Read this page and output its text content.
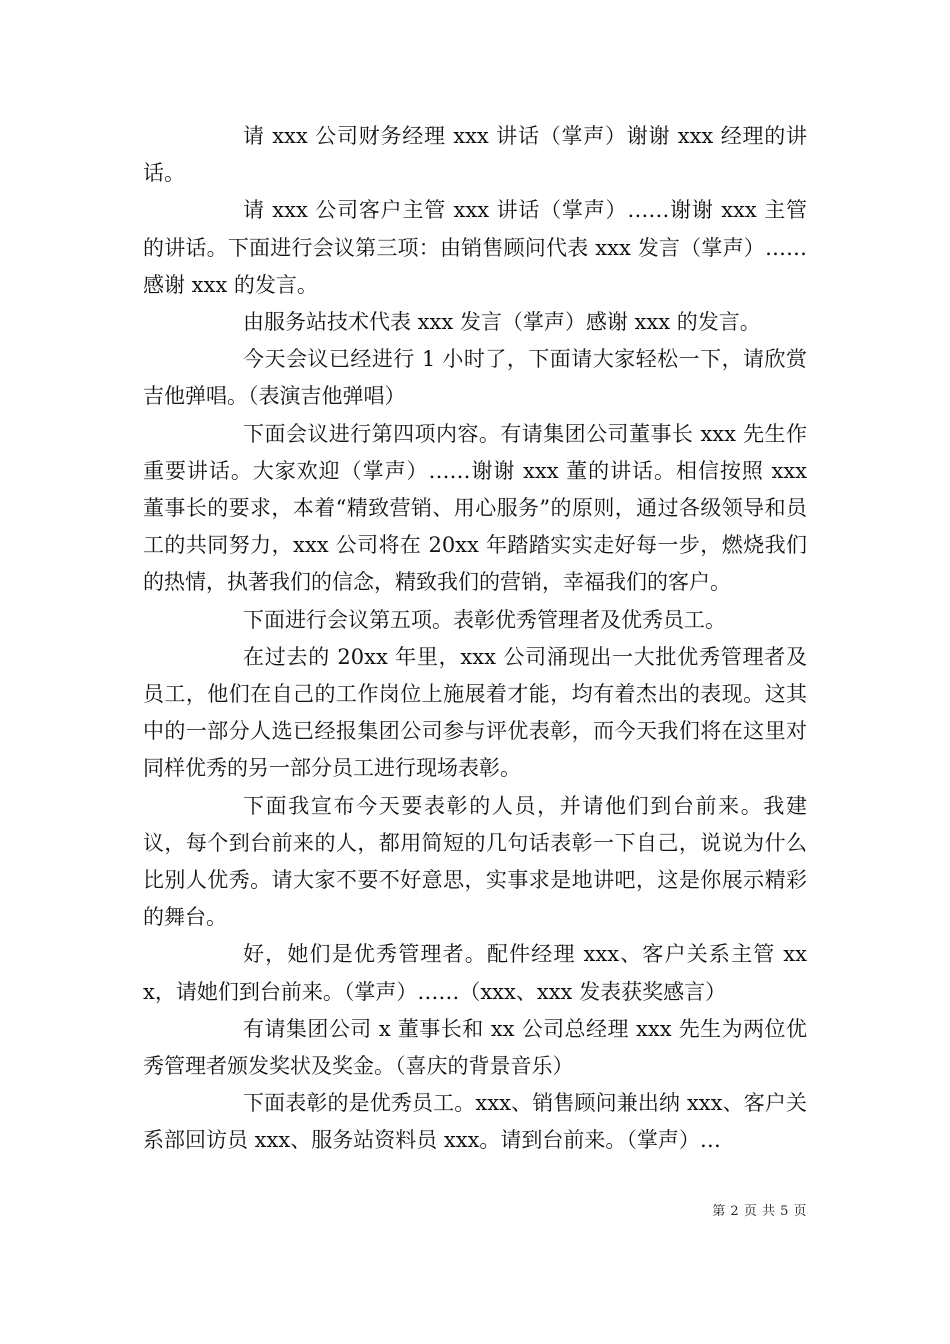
请 xxx 公司财务经理 xxx 讲话（掌声）谢谢 xxx 经理的讲话。

请 xxx 公司客户主管 xxx 讲话（掌声）……谢谢 xxx 主管的讲话。下面进行会议第三项：由销售顾问代表 xxx 发言（掌声）……感谢 xxx 的发言。

由服务站技术代表 xxx 发言（掌声）感谢 xxx 的发言。

今天会议已经进行 1 小时了，下面请大家轻松一下，请欣赏吉他弹唱。（表演吉他弹唱）

下面会议进行第四项内容。有请集团公司董事长 xxx 先生作重要讲话。大家欢迎（掌声）……谢谢 xxx 董的讲话。相信按照 xxx 董事长的要求，本着“精致营销、用心服务”的原则，通过各级领导和员工的共同努力，xxx 公司将在 20xx 年踏踏实实走好每一步，燃烧我们的热情，执著我们的信念，精致我们的营销，幸福我们的客户。

下面进行会议第五项。表彰优秀管理者及优秀员工。

在过去的 20xx 年里，xxx 公司涌现出一大批优秀管理者及员工，他们在自己的工作岗位上施展着才能，均有着杰出的表现。这其中的一部分人选已经报集团公司参与评优表彰，而今天我们将在这里对同样优秀的另一部分员工进行现场表彰。

下面我宣布今天要表彰的人员，并请他们到台前来。我建议，每个到台前来的人，都用简短的几句话表彰一下自己，说说为什么比别人优秀。请大家不要不好意思，实事求是地讲吧，这是你展示精彩的舞台。

好，她们是优秀管理者。配件经理 xxx、客户关系主管 xxx，请她们到台前来。（掌声）……（xxx、xxx 发表获奖感言）

有请集团公司 x 董事长和 xx 公司总经理 xxx 先生为两位优秀管理者颁发奖状及奖金。（喜庆的背景音乐）

下面表彰的是优秀员工。xxx、销售顾问兼出纳 xxx、客户关系部回访员 xxx、服务站资料员 xxx。请到台前来。（掌声）…

第 2 页 共 5 页
